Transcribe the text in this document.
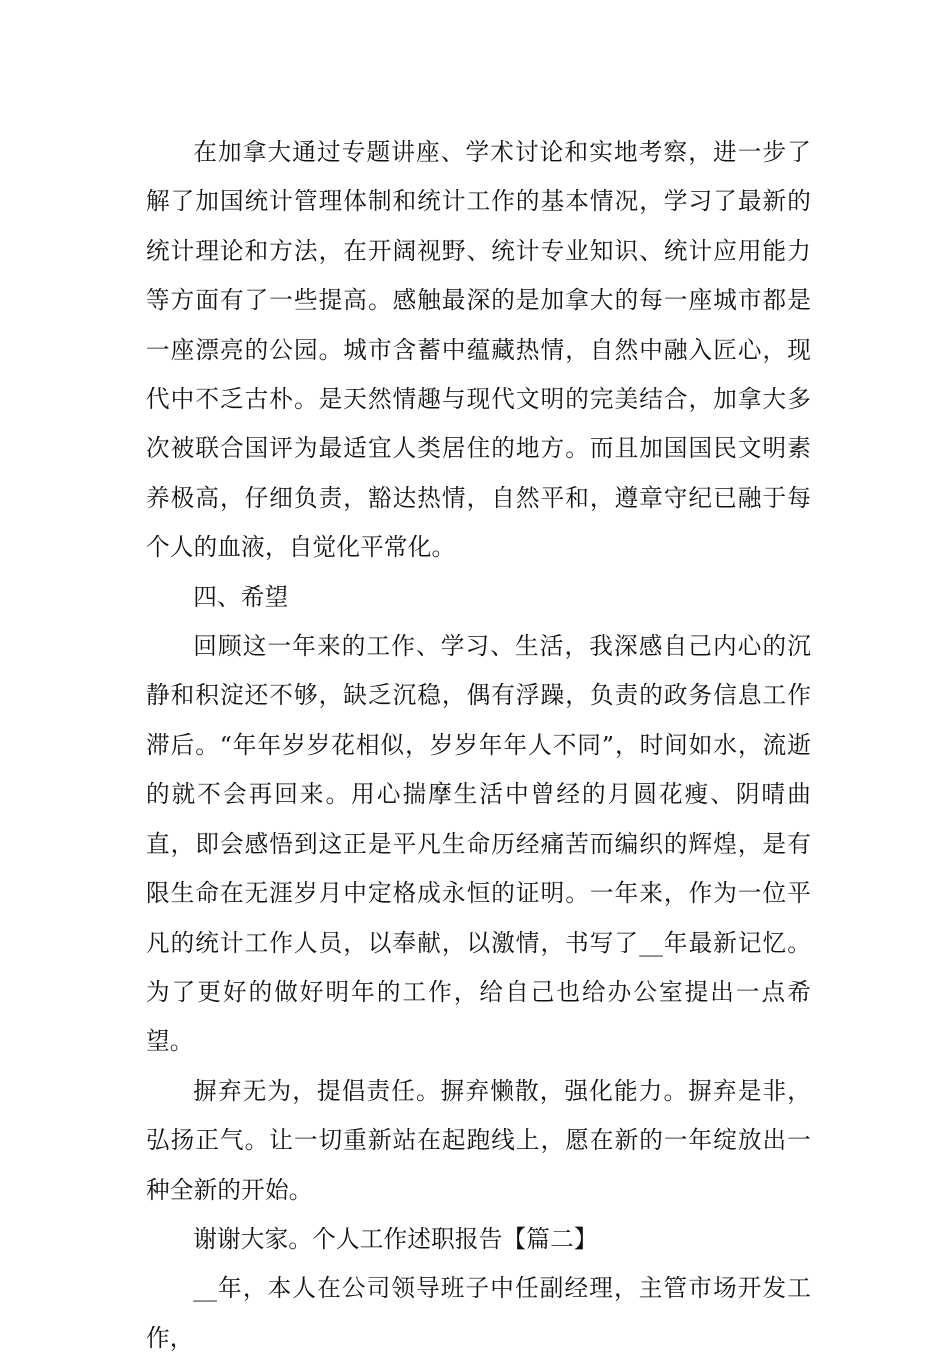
在加拿大通过专题讲座、学术讨论和实地考察，进一步了解了加国统计管理体制和统计工作的基本情况，学习了最新的统计理论和方法，在开阔视野、统计专业知识、统计应用能力等方面有了一些提高。感触最深的是加拿大的每一座城市都是一座漂亮的公园。城市含蓄中蕴藏热情，自然中融入匠心，现代中不乏古朴。是天然情趣与现代文明的完美结合，加拿大多次被联合国评为最适宜人类居住的地方。而且加国国民文明素养极高，仔细负责，豁达热情，自然平和，遵章守纪已融于每个人的血液，自觉化平常化。

四、希望

回顾这一年来的工作、学习、生活，我深感自己内心的沉静和积淀还不够，缺乏沉稳，偶有浮躁，负责的政务信息工作滞后。“年年岁岁花相似，岁岁年年人不同”，时间如水，流逝的就不会再回来。用心揣摩生活中曾经的月圆花瘦、阴晴曲直，即会感悟到这正是平凡生命历经痛苦而编织的辉煌，是有限生命在无涯岁月中定格成永恒的证明。一年来，作为一位平凡的统计工作人员，以奉献，以激情，书写了__年最新记忆。为了更好的做好明年的工作，给自己也给办公室提出一点希望。

摒弃无为，提倡责任。摒弃懒散，强化能力。摒弃是非，弘扬正气。让一切重新站在起跑线上，愿在新的一年绽放出一种全新的开始。

谢谢大家。个人工作述职报告【篇二】

__年，本人在公司领导班子中任副经理，主管市场开发工作，
